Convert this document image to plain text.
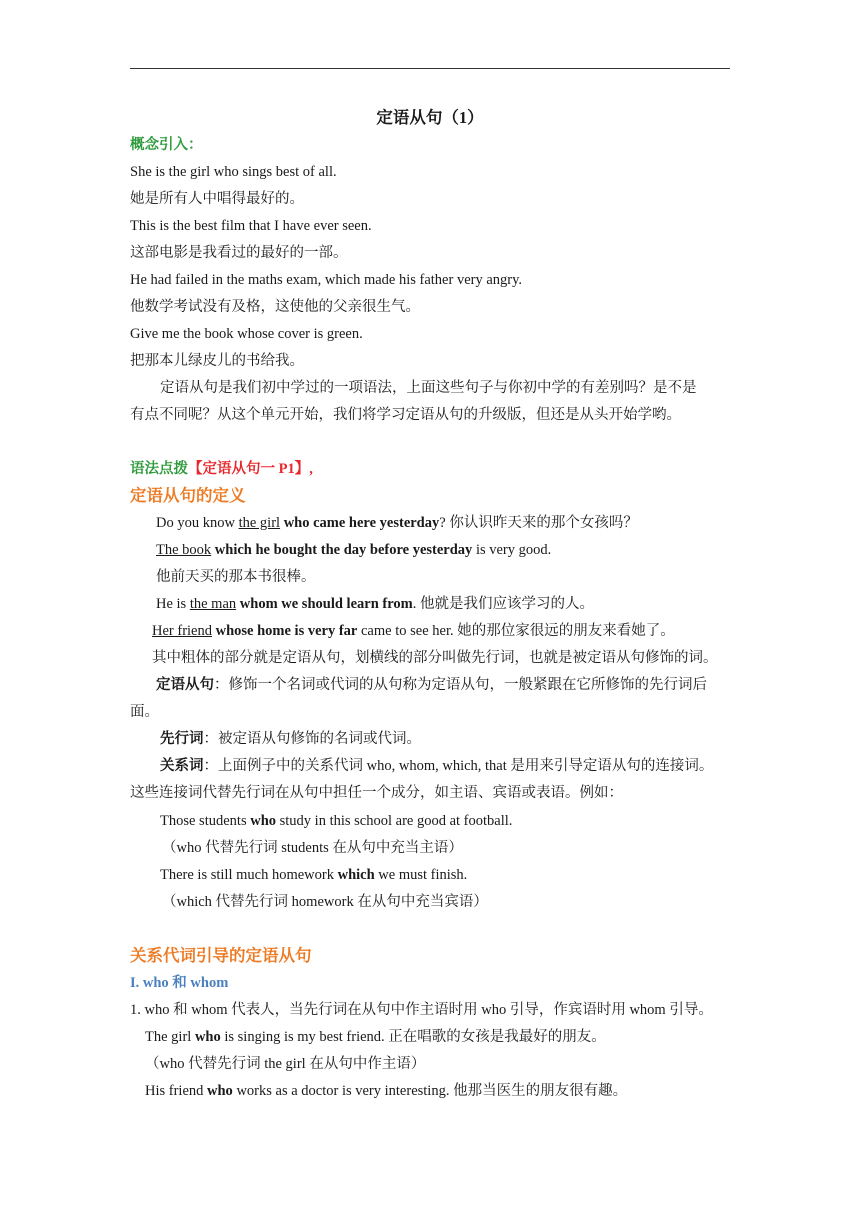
定语从句（1）
概念引入：
She is the girl who sings best of all.
她是所有人中唱得最好的。
This is the best film that I have ever seen.
这部电影是我看过的最好的一部。
He had failed in the maths exam, which made his father very angry.
他数学考试没有及格，这使他的父亲很生气。
Give me the book whose cover is green.
把那本儿绿皮儿的书给我。
定语从句是我们初中学过的一项语法，上面这些句子与你初中学的有差别吗？是不是
有点不同呢？从这个单元开始，我们将学习定语从句的升级版，但还是从头开始学哟。
语法点拨【定语从句一 P1】,
定语从句的定义
Do you know the girl who came here yesterday? 你认识昨天来的那个女孩吗？
The book which he bought the day before yesterday is very good.
他前天买的那本书很棒。
He is the man whom we should learn from. 他就是我们应该学习的人。
Her friend whose home is very far came to see her. 她的那位家很远的朋友来看她了。
其中粗体的部分就是定语从句，划横线的部分叫做先行词，也就是被定语从句修饰的词。
定语从句：修饰一个名词或代词的从句称为定语从句，一般紧跟在它所修饰的先行词后
面。
先行词：被定语从句修饰的名词或代词。
关系词：上面例子中的关系代词 who, whom, which, that 是用来引导定语从句的连接词。
这些连接词代替先行词在从句中担任一个成分，如主语、宾语或表语。例如：
Those students who study in this school are good at football.
（who 代替先行词 students 在从句中充当主语）
There is still much homework which we must finish.
（which 代替先行词 homework 在从句中充当宾语）
关系代词引导的定语从句
I. who 和 whom
1. who 和 whom 代表人，当先行词在从句中作主语时用 who 引导，作宾语时用 whom 引导。
The girl who is singing is my best friend. 正在唱歌的女孩是我最好的朋友。
（who 代替先行词 the girl 在从句中作主语）
His friend who works as a doctor is very interesting. 他那当医生的朋友很有趣。
